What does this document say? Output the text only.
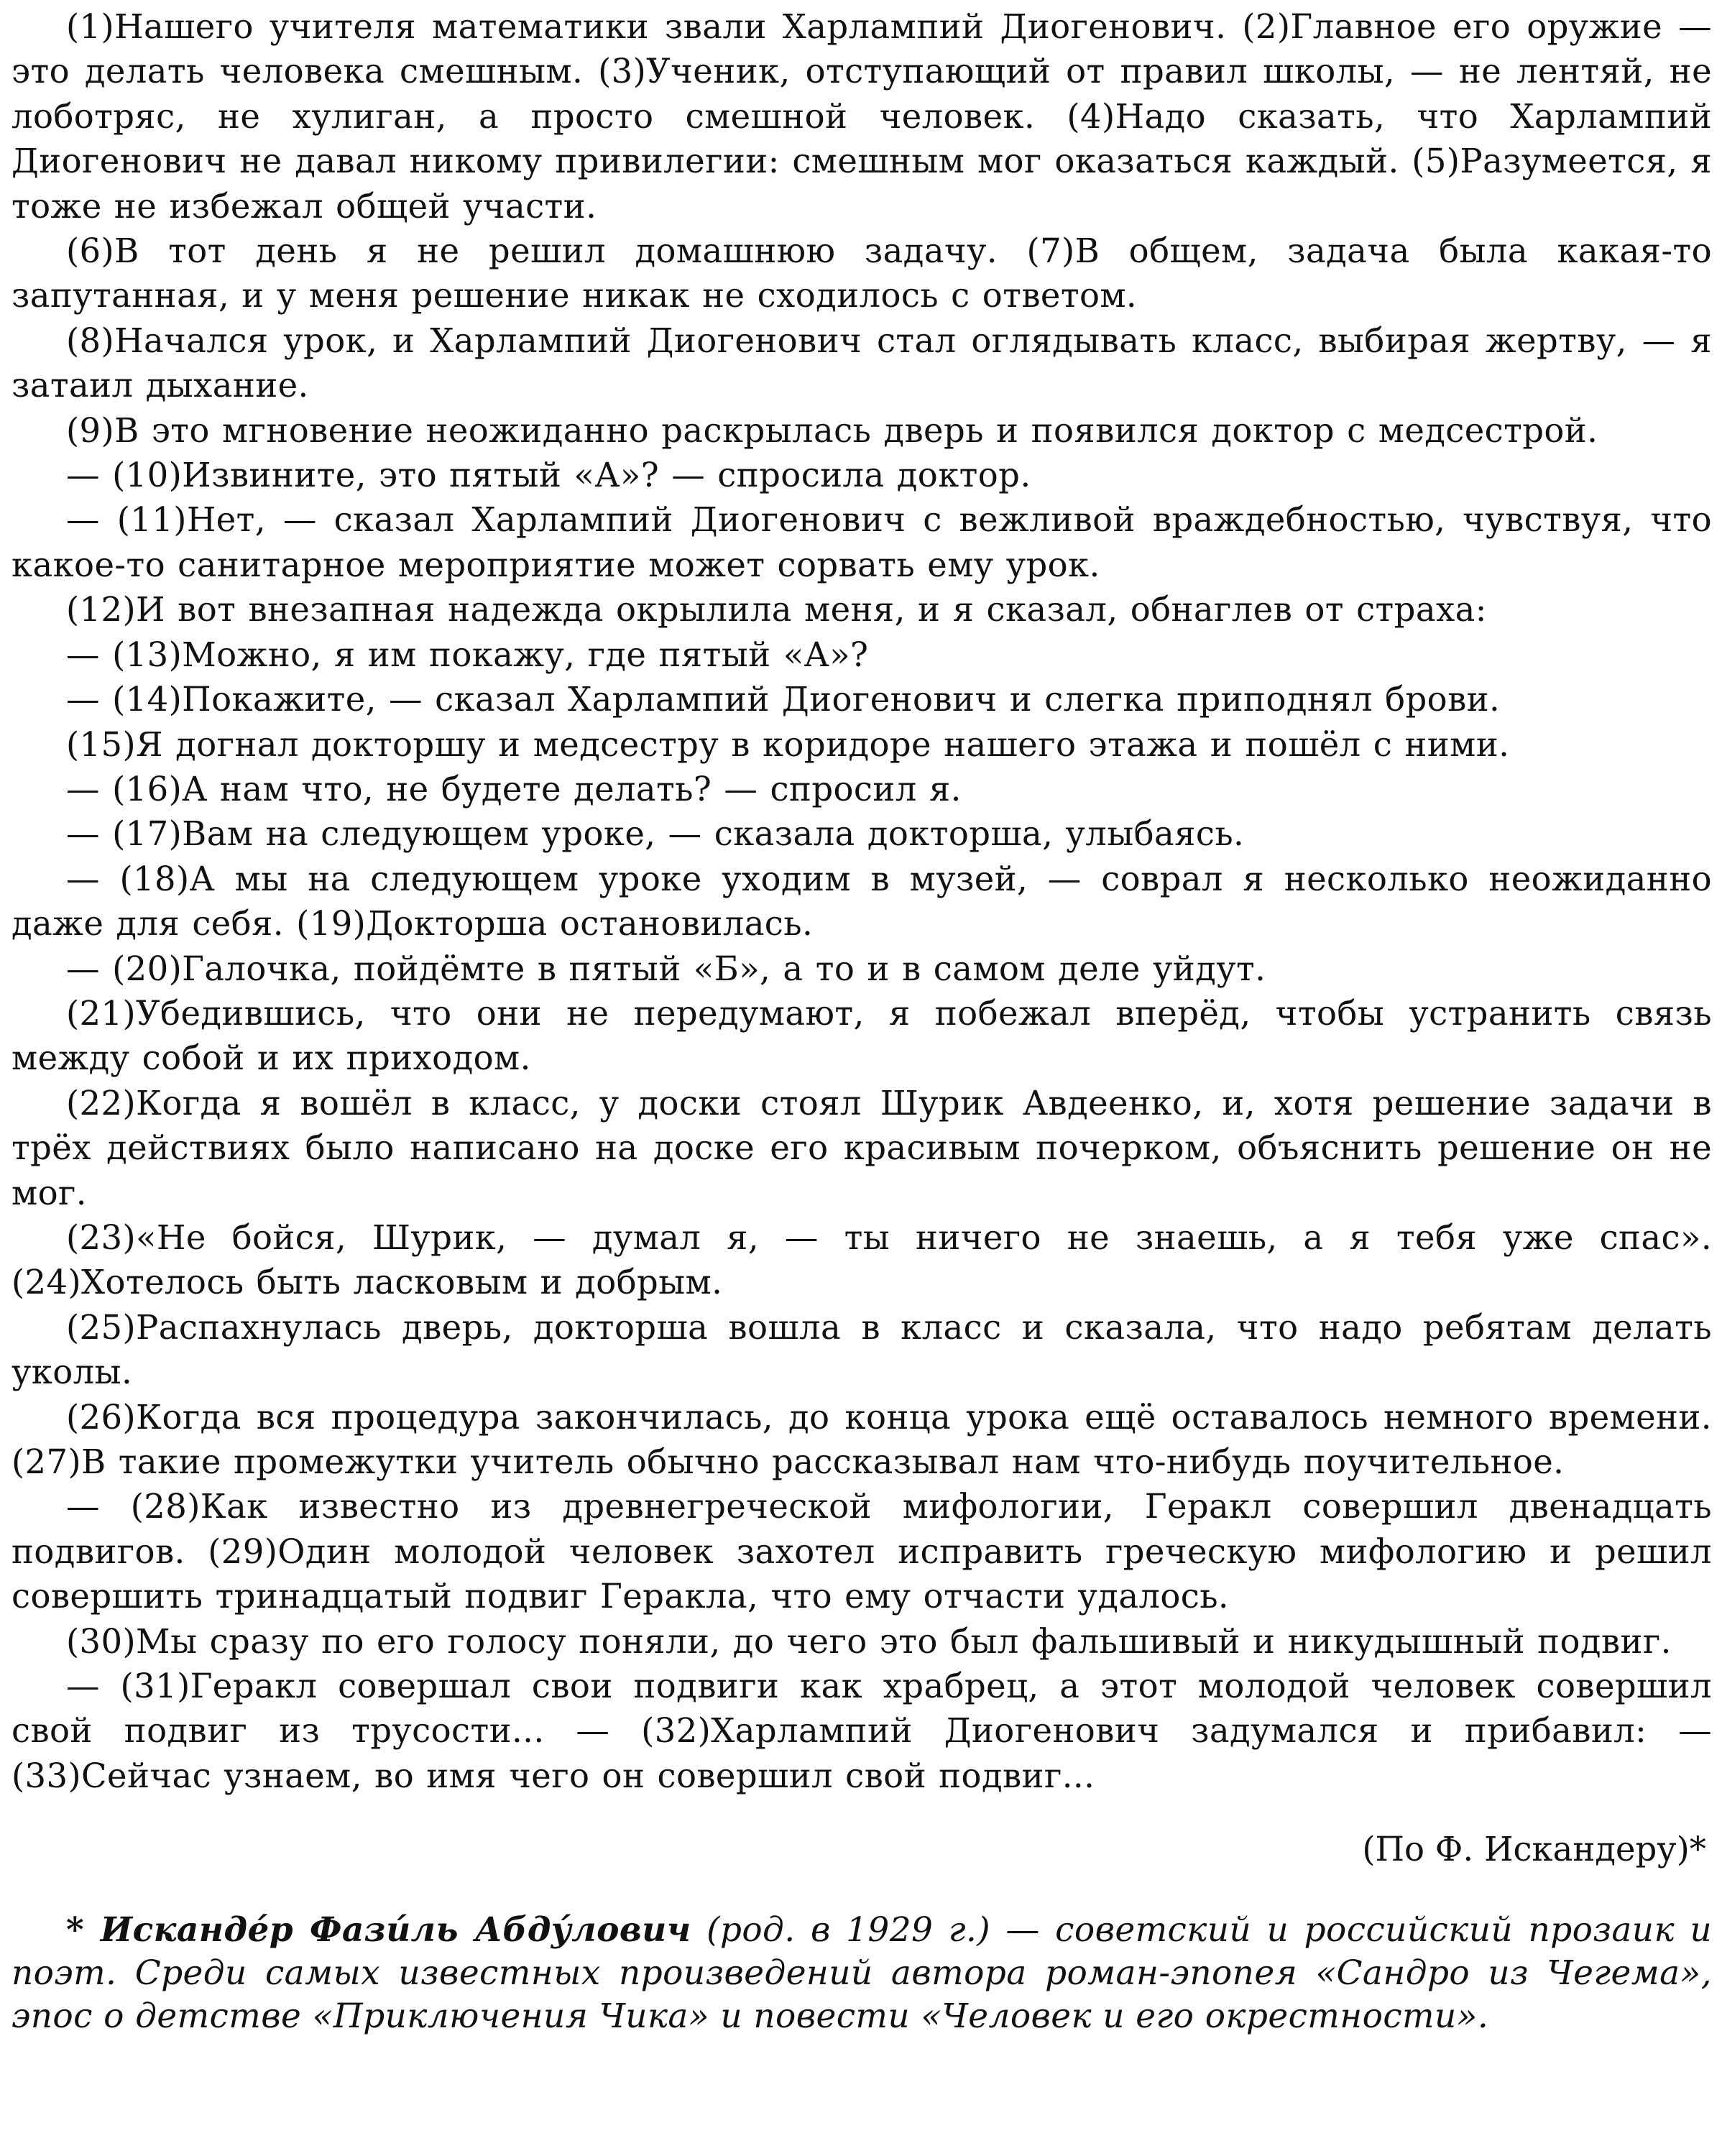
(1)Нашего учителя математики звали Харлампий Диогенович. (2)Главное его оружие — это делать человека смешным. (3)Ученик, отступающий от правил школы, — не лентяй, не лоботряс, не хулиган, а просто смешной человек. (4)Надо сказать, что Харлампий Диогенович не давал никому привилегии: смешным мог оказаться каждый. (5)Разумеется, я тоже не избежал общей участи.

(6)В тот день я не решил домашнюю задачу. (7)В общем, задача была какая-то запутанная, и у меня решение никак не сходилось с ответом.

(8)Начался урок, и Харлампий Диогенович стал оглядывать класс, выбирая жертву, — я затаил дыхание.

(9)В это мгновение неожиданно раскрылась дверь и появился доктор с медсестрой.

— (10)Извините, это пятый «А»? — спросила доктор.

— (11)Нет, — сказал Харлампий Диогенович с вежливой враждебностью, чувствуя, что какое-то санитарное мероприятие может сорвать ему урок.

(12)И вот внезапная надежда окрылила меня, и я сказал, обнаглев от страха:

— (13)Можно, я им покажу, где пятый «А»?

— (14)Покажите, — сказал Харлампий Диогенович и слегка приподнял брови.

(15)Я догнал докторшу и медсестру в коридоре нашего этажа и пошёл с ними.

— (16)А нам что, не будете делать? — спросил я.

— (17)Вам на следующем уроке, — сказала докторша, улыбаясь.

— (18)А мы на следующем уроке уходим в музей, — соврал я несколько неожиданно даже для себя. (19)Докторша остановилась.

— (20)Галочка, пойдёмте в пятый «Б», а то и в самом деле уйдут.

(21)Убедившись, что они не передумают, я побежал вперёд, чтобы устранить связь между собой и их приходом.

(22)Когда я вошёл в класс, у доски стоял Шурик Авдеенко, и, хотя решение задачи в трёх действиях было написано на доске его красивым почерком, объяснить решение он не мог.

(23)«Не бойся, Шурик, — думал я, — ты ничего не знаешь, а я тебя уже спас». (24)Хотелось быть ласковым и добрым.

(25)Распахнулась дверь, докторша вошла в класс и сказала, что надо ребятам делать уколы.

(26)Когда вся процедура закончилась, до конца урока ещё оставалось немного времени. (27)В такие промежутки учитель обычно рассказывал нам что-нибудь поучительное.

— (28)Как известно из древнегреческой мифологии, Геракл совершил двенадцать подвигов. (29)Один молодой человек захотел исправить греческую мифологию и решил совершить тринадцатый подвиг Геракла, что ему отчасти удалось.

(30)Мы сразу по его голосу поняли, до чего это был фальшивый и никудышный подвиг.

— (31)Геракл совершал свои подвиги как храбрец, а этот молодой человек совершил свой подвиг из трусости... — (32)Харлампий Диогенович задумался и прибавил: — (33)Сейчас узнаем, во имя чего он совершил свой подвиг...

(По Ф. Искандеру)*
* Искандéр Фази́ль Абду́лович (род. в 1929 г.) — советский и российский прозаик и поэт. Среди самых известных произведений автора роман-эпопея «Сандро из Чегема», эпос о детстве «Приключения Чика» и повести «Человек и его окрестности».
